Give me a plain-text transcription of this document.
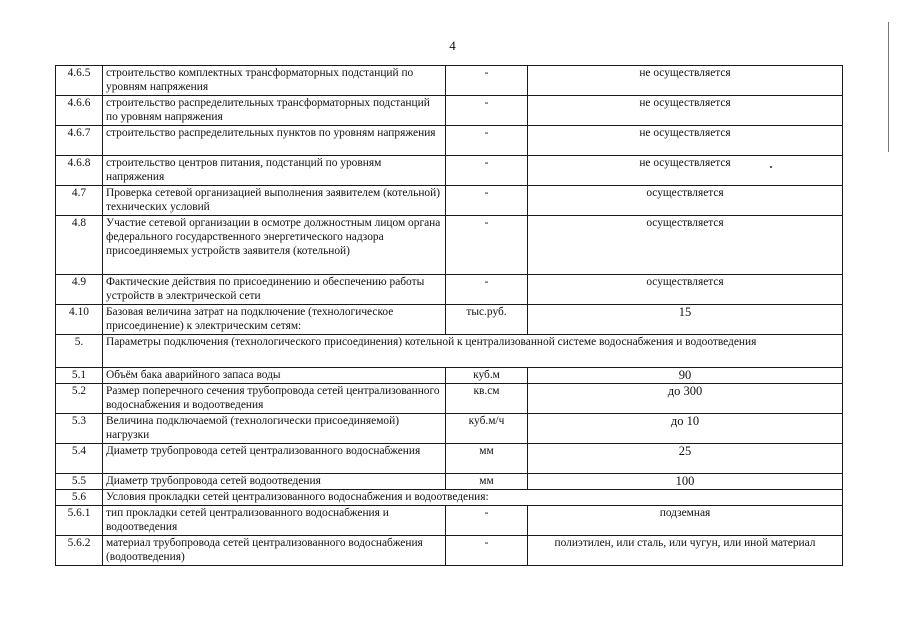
4
4.6.5	строительство комплектных трансформаторных подстанций по уровням напряжения	-	не осуществляется
4.6.6	строительство распределительных трансформаторных подстанций по уровням напряжения	-	не осуществляется
4.6.7	строительство распределительных пунктов по уровням напряжения	-	не осуществляется
4.6.8	строительство центров питания, подстанций по уровням напряжения	-	не осуществляется
4.7	Проверка сетевой организацией выполнения заявителем (котельной) технических условий	-	осуществляется
4.8	Участие сетевой организации в осмотре должностным лицом органа федерального государственного энергетического надзора присоединяемых устройств заявителя (котельной)	-	осуществляется
4.9	Фактические действия по присоединению и обеспечению работы устройств в электрической сети	-	осуществляется
4.10	Базовая величина затрат на подключение (технологическое присоединение) к электрическим сетям:	тыс.руб.	15
5.	Параметры подключения (технологического присоединения) котельной к централизованной системе водоснабжения и водоотведения		
5.1	Объём бака аварийного запаса воды	куб.м	90
5.2	Размер поперечного сечения трубопровода сетей централизованного водоснабжения и водоотведения	кв.см	до 300
5.3	Величина подключаемой (технологически присоединяемой) нагрузки	куб.м/ч	до 10
5.4	Диаметр трубопровода сетей централизованного водоснабжения	мм	25
5.5	Диаметр трубопровода сетей водоотведения	мм	100
5.6	Условия прокладки сетей централизованного водоснабжения и водоотведения:		
5.6.1	тип прокладки сетей централизованного водоснабжения и водоотведения	-	подземная
5.6.2	материал трубопровода сетей централизованного водоснабжения (водоотведения)	-	полиэтилен, или сталь, или чугун, или иной материал
